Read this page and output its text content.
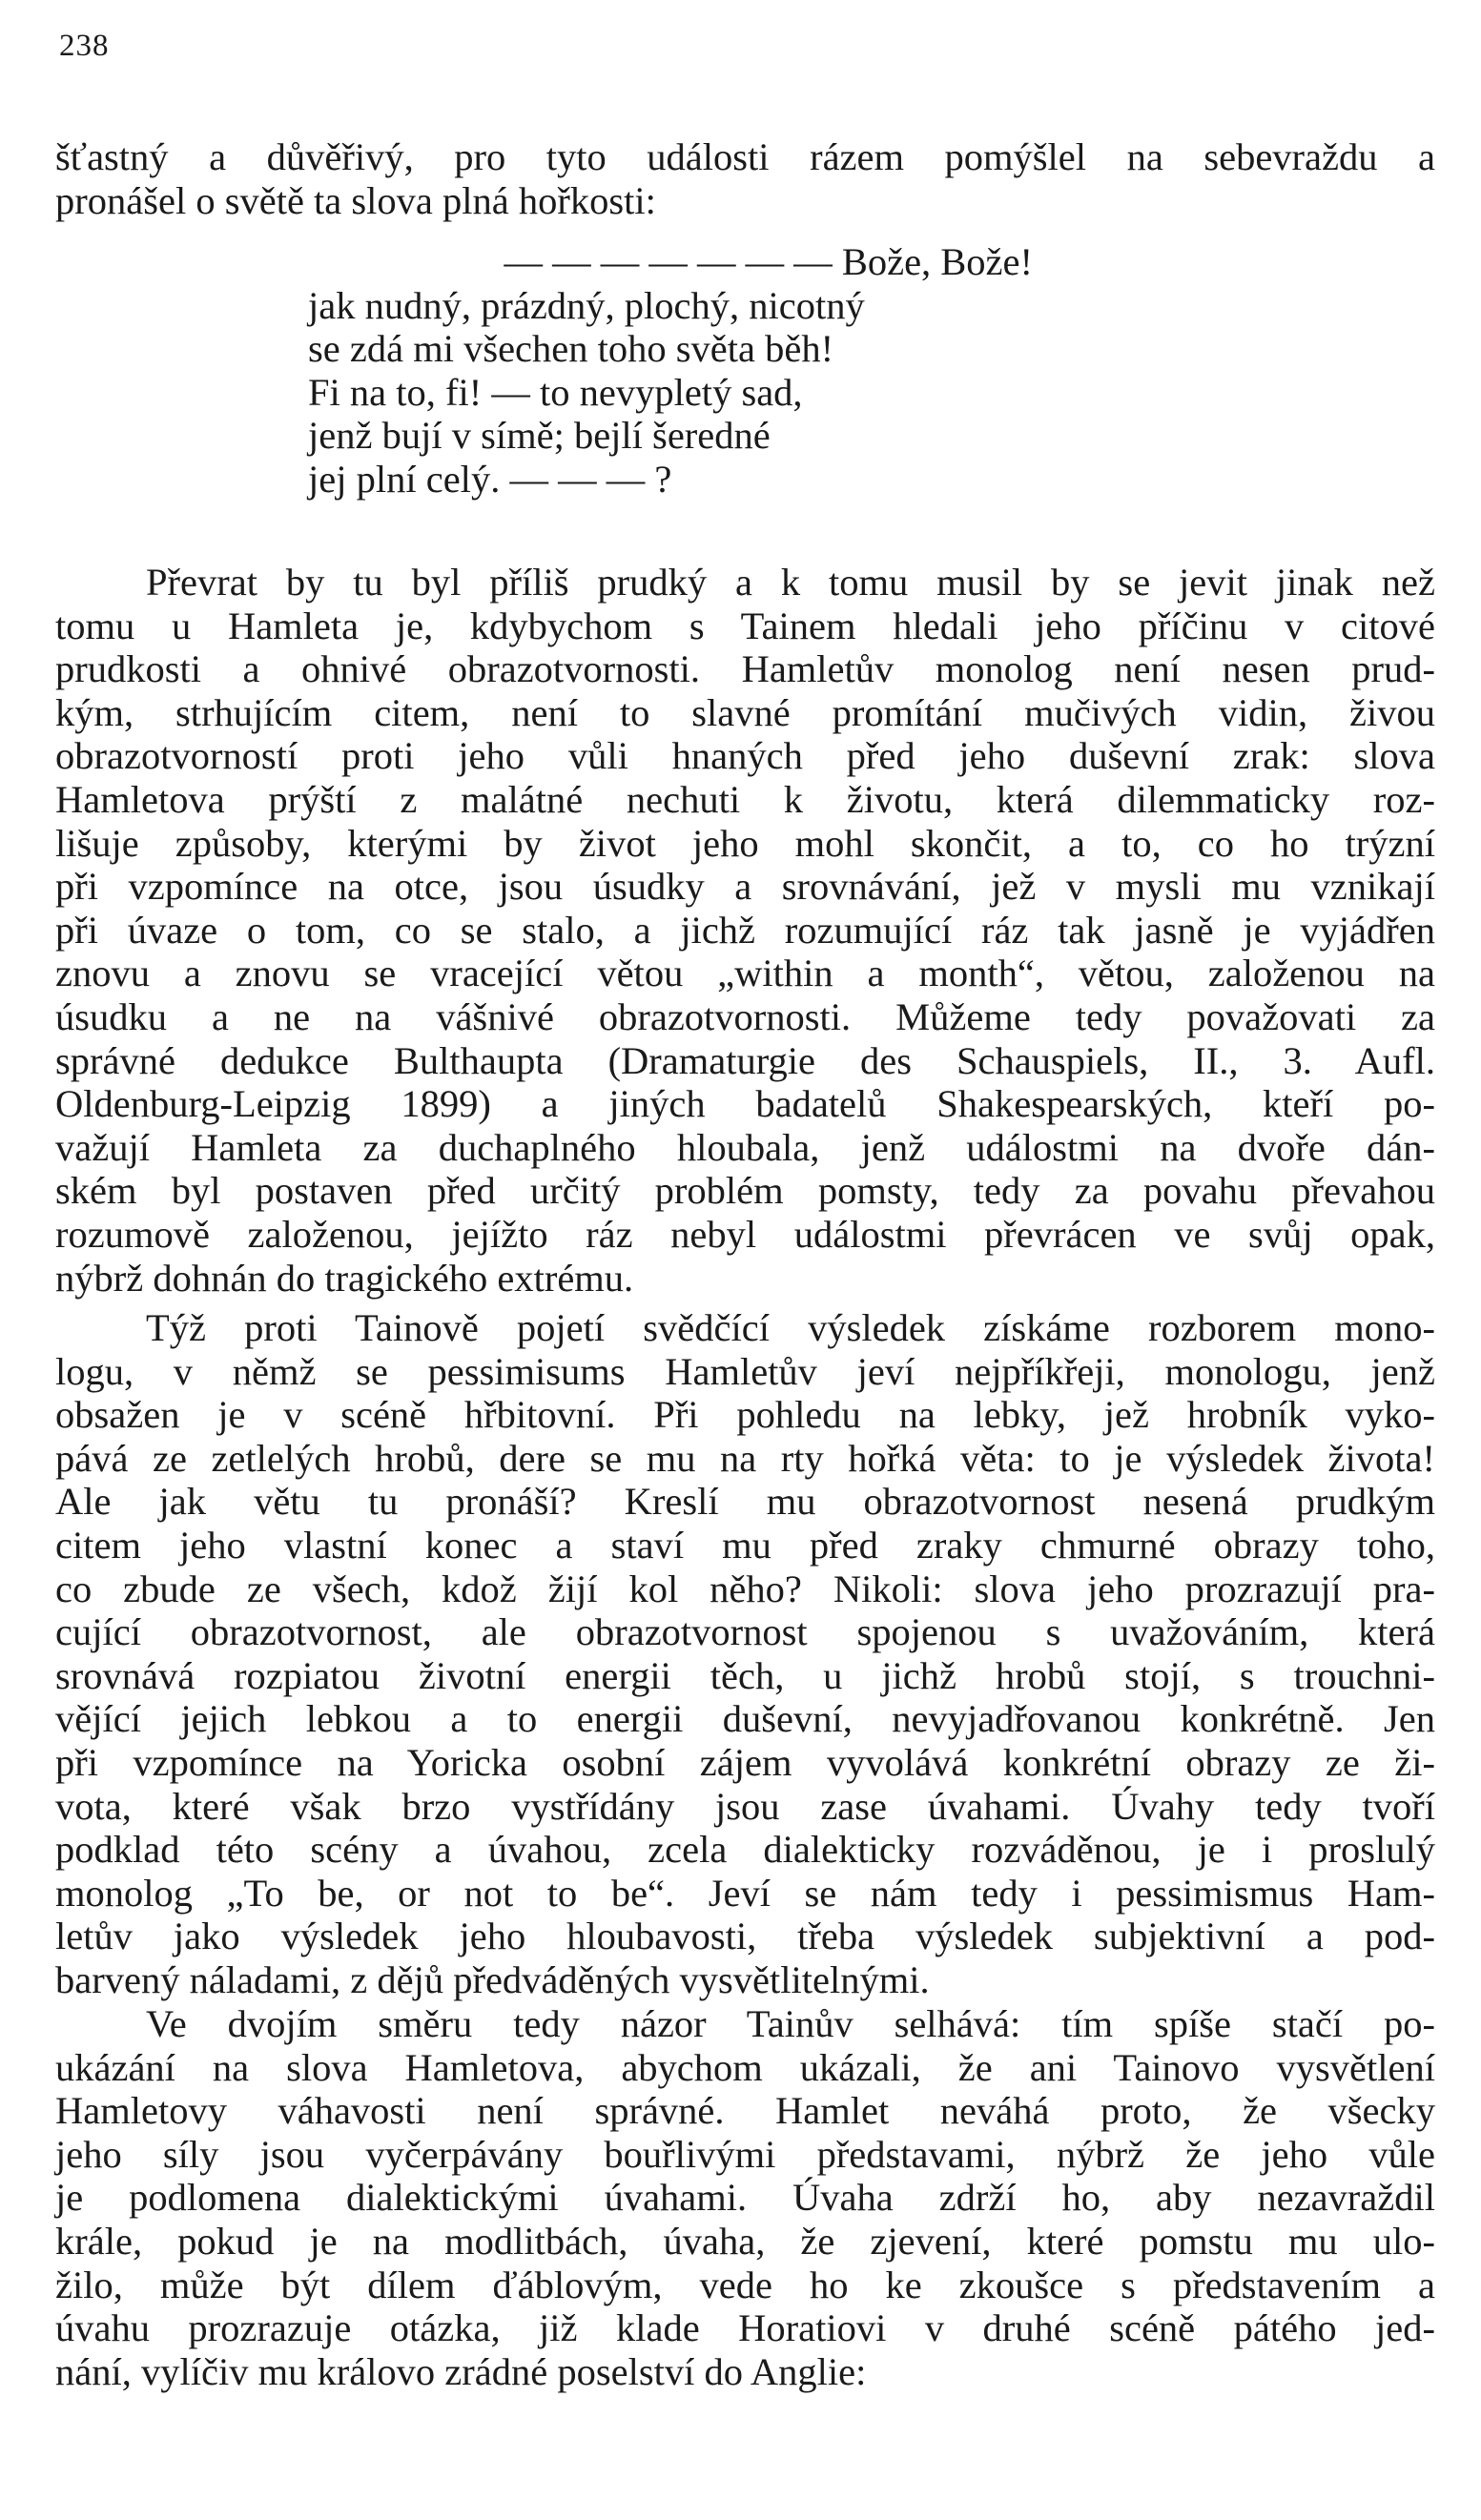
238
šťastný a důvěřivý, pro tyto události rázem pomýšlel na sebevraždu a
pronášel o světě ta slova plná hořkosti:
— — — — — — — Bože, Bože!
jak nudný, prázdný, plochý, nicotný
se zdá mi všechen toho světa běh!
Fi na to, fi! — to nevypletý sad,
jenž bují v símě; bejlí šeredné
jej plní celý. — — — ?
Převrat by tu byl příliš prudký a k tomu musil by se jevit jinak než
tomu u Hamleta je, kdybychom s Tainem hledali jeho příčinu v citové
prudkosti a ohnivé obrazotvornosti. Hamletův monolog není nesen prud-
kým, strhujícím citem, není to slavné promítání mučivých vidin, živou
obrazotvorností proti jeho vůli hnaných před jeho duševní zrak: slova
Hamletova prýští z malátné nechuti k životu, která dilemmaticky roz-
lišuje způsoby, kterými by život jeho mohl skončit, a to, co ho trýzní
při vzpomínce na otce, jsou úsudky a srovnávání, jež v mysli mu vznikají
při úvaze o tom, co se stalo, a jichž rozumující ráz tak jasně je vyjádřen
znovu a znovu se vracející větou „within a month“, větou, založenou na
úsudku a ne na vášnivé obrazotvornosti. Můžeme tedy považovati za
správné dedukce Bulthaupta (Dramaturgie des Schauspiels, II., 3. Aufl.
Oldenburg-Leipzig 1899) a jiných badatelů Shakespearských, kteří po-
važují Hamleta za duchaplného hloubala, jenž událostmi na dvoře dán-
ském byl postaven před určitý problém pomsty, tedy za povahu převahou
rozumově založenou, jejížto ráz nebyl událostmi převrácen ve svůj opak,
nýbrž dohnán do tragického extrému.
Týž proti Tainově pojetí svědčící výsledek získáme rozborem mono-
logu, v němž se pessimisums Hamletův jeví nejpříkřeji, monologu, jenž
obsažen je v scéně hřbitovní. Při pohledu na lebky, jež hrobník vyko-
pává ze zetlelých hrobů, dere se mu na rty hořká věta: to je výsledek života!
Ale jak větu tu pronáší? Kreslí mu obrazotvornost nesená prudkým
citem jeho vlastní konec a staví mu před zraky chmurné obrazy toho,
co zbude ze všech, kdož žijí kol něho? Nikoli: slova jeho prozrazují pra-
cující obrazotvornost, ale obrazotvornost spojenou s uvažováním, která
srovnává rozpiatou životní energii těch, u jichž hrobů stojí, s trouchni-
vějící jejich lebkou a to energii duševní, nevyjadřovanou konkrétně. Jen
při vzpomínce na Yoricka osobní zájem vyvolává konkrétní obrazy ze ži-
vota, které však brzo vystřídány jsou zase úvahami. Úvahy tedy tvoří
podklad této scény a úvahou, zcela dialekticky rozváděnou, je i proslulý
monolog „To be, or not to be“. Jeví se nám tedy i pessimismus Ham-
letův jako výsledek jeho hloubavosti, třeba výsledek subjektivní a pod-
barvený náladami, z dějů předváděných vysvětlitelnými.
Ve dvojím směru tedy názor Tainův selhává: tím spíše stačí po-
ukázání na slova Hamletova, abychom ukázali, že ani Tainovo vysvětlení
Hamletovy váhavosti není správné. Hamlet neváhá proto, že všecky
jeho síly jsou vyčerpávány bouřlivými představami, nýbrž že jeho vůle
je podlomena dialektickými úvahami. Úvaha zdrží ho, aby nezavraždil
krále, pokud je na modlitbách, úvaha, že zjevení, které pomstu mu ulo-
žilo, může být dílem ďáblovým, vede ho ke zkoušce s představením a
úvahu prozrazuje otázka, již klade Horatiovi v druhé scéně pátého jed-
nání, vylíčiv mu královo zrádné poselství do Anglie:
